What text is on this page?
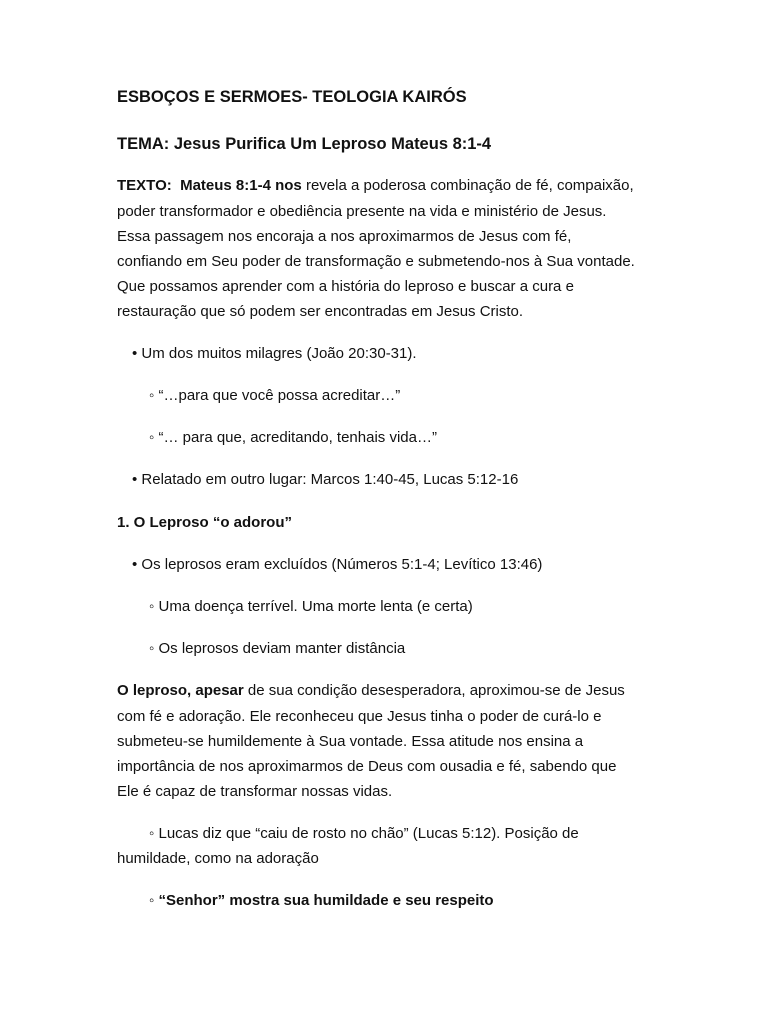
ESBOÇOS E SERMOES- TEOLOGIA KAIRÓS
TEMA: Jesus Purifica Um Leproso Mateus 8:1-4
TEXTO: Mateus 8:1-4 nos revela a poderosa combinação de fé, compaixão,
poder transformador e obediência presente na vida e ministério de Jesus.
Essa passagem nos encoraja a nos aproximarmos de Jesus com fé,
confiando em Seu poder de transformação e submetendo-nos à Sua vontade.
Que possamos aprender com a história do leproso e buscar a cura e
restauração que só podem ser encontradas em Jesus Cristo.
• Um dos muitos milagres (João 20:30-31).
◦ “…para que você possa acreditar…”
◦ “… para que, acreditando, tenhais vida…”
• Relatado em outro lugar: Marcos 1:40-45, Lucas 5:12-16
1. O Leproso “o adorou”
• Os leprosos eram excluídos (Números 5:1-4; Levítico 13:46)
◦ Uma doença terrível. Uma morte lenta (e certa)
◦ Os leprosos deviam manter distância
O leproso, apesar de sua condição desesperadora, aproximou-se de Jesus
com fé e adoração. Ele reconheceu que Jesus tinha o poder de curá-lo e
submeteu-se humildemente à Sua vontade. Essa atitude nos ensina a
importância de nos aproximarmos de Deus com ousadia e fé, sabendo que
Ele é capaz de transformar nossas vidas.
◦ Lucas diz que “caiu de rosto no chão” (Lucas 5:12). Posição de
humildade, como na adoração
◦ “Senhor” mostra sua humildade e seu respeito
